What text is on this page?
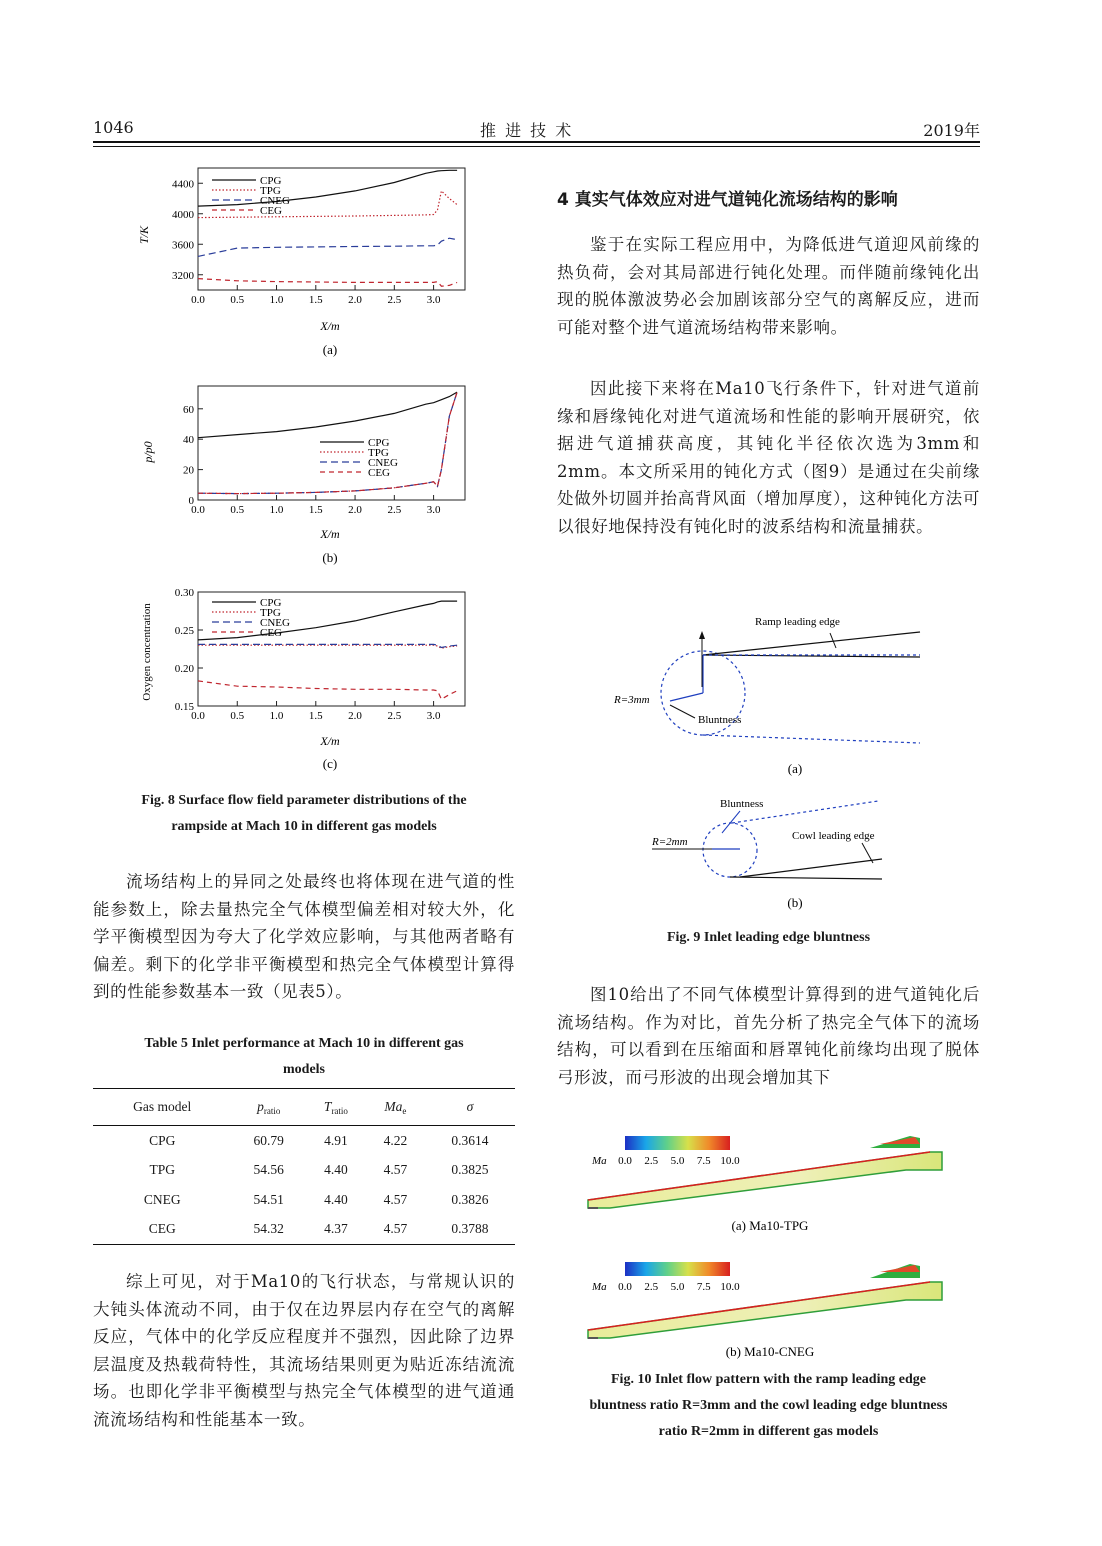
1046	推 进 技 术	2019年
0.0 0.5 1.0 1.5 2.0 2.5 3.0
3200
3600
4000
4400	CPG
TPG
CNEG
CEG
T/K
X/m
(a)
0.0 0.5 1.0 1.5 2.0 2.5 3.0
0
20
40
60
CPG
TPG
CNEG
CEG
p/p0
X/m
(b)
0.0 0.5 1.0 1.5 2.0 2.5 3.0
0.15
0.20
0.25
0.30
CPG
TPG
CNEG
CEG
Oxygen concentration
X/m
(c)
Fig. 8 Surface flow field parameter distributions of the
rampside at Mach 10 in different gas models

流场结构上的异同之处最终也将体现在进气道的性能参数上，除去量热完全气体模型偏差相对较大外，化学平衡模型因为夸大了化学效应影响，与其他两者略有偏差。剩下的化学非平衡模型和热完全气体模型计算得到的性能参数基本一致（见表5）。

Table 5 Inlet performance at Mach 10 in different gas
models
Gas model	$p_{ratio}$	$T_{ratio}$	$Ma_e$	σ
CPG	60.79	4.91	4.22	0.3614
TPG	54.56	4.40	4.57	0.3825
CNEG	54.51	4.40	4.57	0.3826
CEG	54.32	4.37	4.57	0.3788

综上可见，对于Ma10的飞行状态，与常规认识的大钝头体流动不同，由于仅在边界层内存在空气的离解反应，气体中的化学反应程度并不强烈，因此除了边界层温度及热载荷特性，其流场结果则更为贴近冻结流流场。也即化学非平衡模型与热完全气体模型的进气道通流流场结构和性能基本一致。

4 真实气体效应对进气道钝化流场结构的影响

鉴于在实际工程应用中，为降低进气道迎风前缘的热负荷，会对其局部进行钝化处理。而伴随前缘钝化出现的脱体激波势必会加剧该部分空气的离解反应，进而可能对整个进气道流场结构带来影响。

因此接下来将在Ma10飞行条件下，针对进气道前缘和唇缘钝化对进气道流场和性能的影响开展研究，依据进气道捕获高度，其钝化半径依次选为3mm和2mm。本文所采用的钝化方式（图9）是通过在尖前缘处做外切圆并抬高背风面（增加厚度），这种钝化方法可以很好地保持没有钝化时的波系结构和流量捕获。

Ramp leading edge
R=3mm
Bluntness
(a)
R=2mm
Bluntness
Cowl leading edge
(b)
Fig. 9 Inlet leading edge bluntness

图10给出了不同气体模型计算得到的进气道钝化后流场结构。作为对比，首先分析了热完全气体下的流场结构，可以看到在压缩面和唇罩钝化前缘均出现了脱体弓形波，而弓形波的出现会增加其下

Ma 0.0 2.5 5.0 7.5 10.0
(a) Ma10-TPG
Ma 0.0 2.5 5.0 7.5 10.0
(b) Ma10-CNEG
Fig. 10 Inlet flow pattern with the ramp leading edge
bluntness ratio R=3mm and the cowl leading edge bluntness
ratio R=2mm in different gas models
